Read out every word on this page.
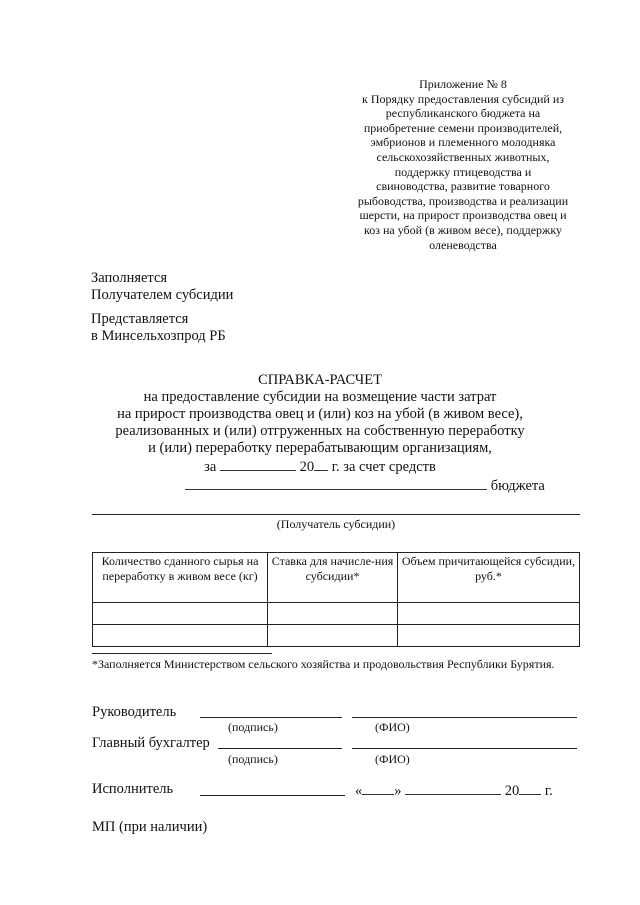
Приложение № 8
к Порядку предоставления субсидий из
республиканского бюджета на
приобретение семени производителей,
эмбрионов и племенного молодняка
сельскохозяйственных животных,
поддержку птицеводства и
свиноводства, развитие товарного
рыбоводства, производства и реализации
шерсти, на прирост производства овец и
коз на убой (в живом весе), поддержку
оленеводства
Заполняется
Получателем субсидии
Представляется
в Минсельхозпрод РБ
СПРАВКА-РАСЧЕТ
на предоставление субсидии на возмещение части затрат
на прирост производства овец и (или) коз на убой (в живом весе),
реализованных и (или) отгруженных на собственную переработку
и (или) переработку перерабатывающим организациям,
за	20 г. за счет средств
бюджета
(Получатель субсидии)
Количество сданного сырья на переработку в живом весе (кг)	Ставка для начисле-ния субсидии*	Объем причитающейся субсидии, руб.*

*Заполняется Министерством сельского хозяйства и продовольствия Республики Бурятия.
Руководитель
(подпись)	(ФИО)
Главный бухгалтер
(подпись)	(ФИО)
Исполнитель	« »	20 г.
МП (при наличии)
